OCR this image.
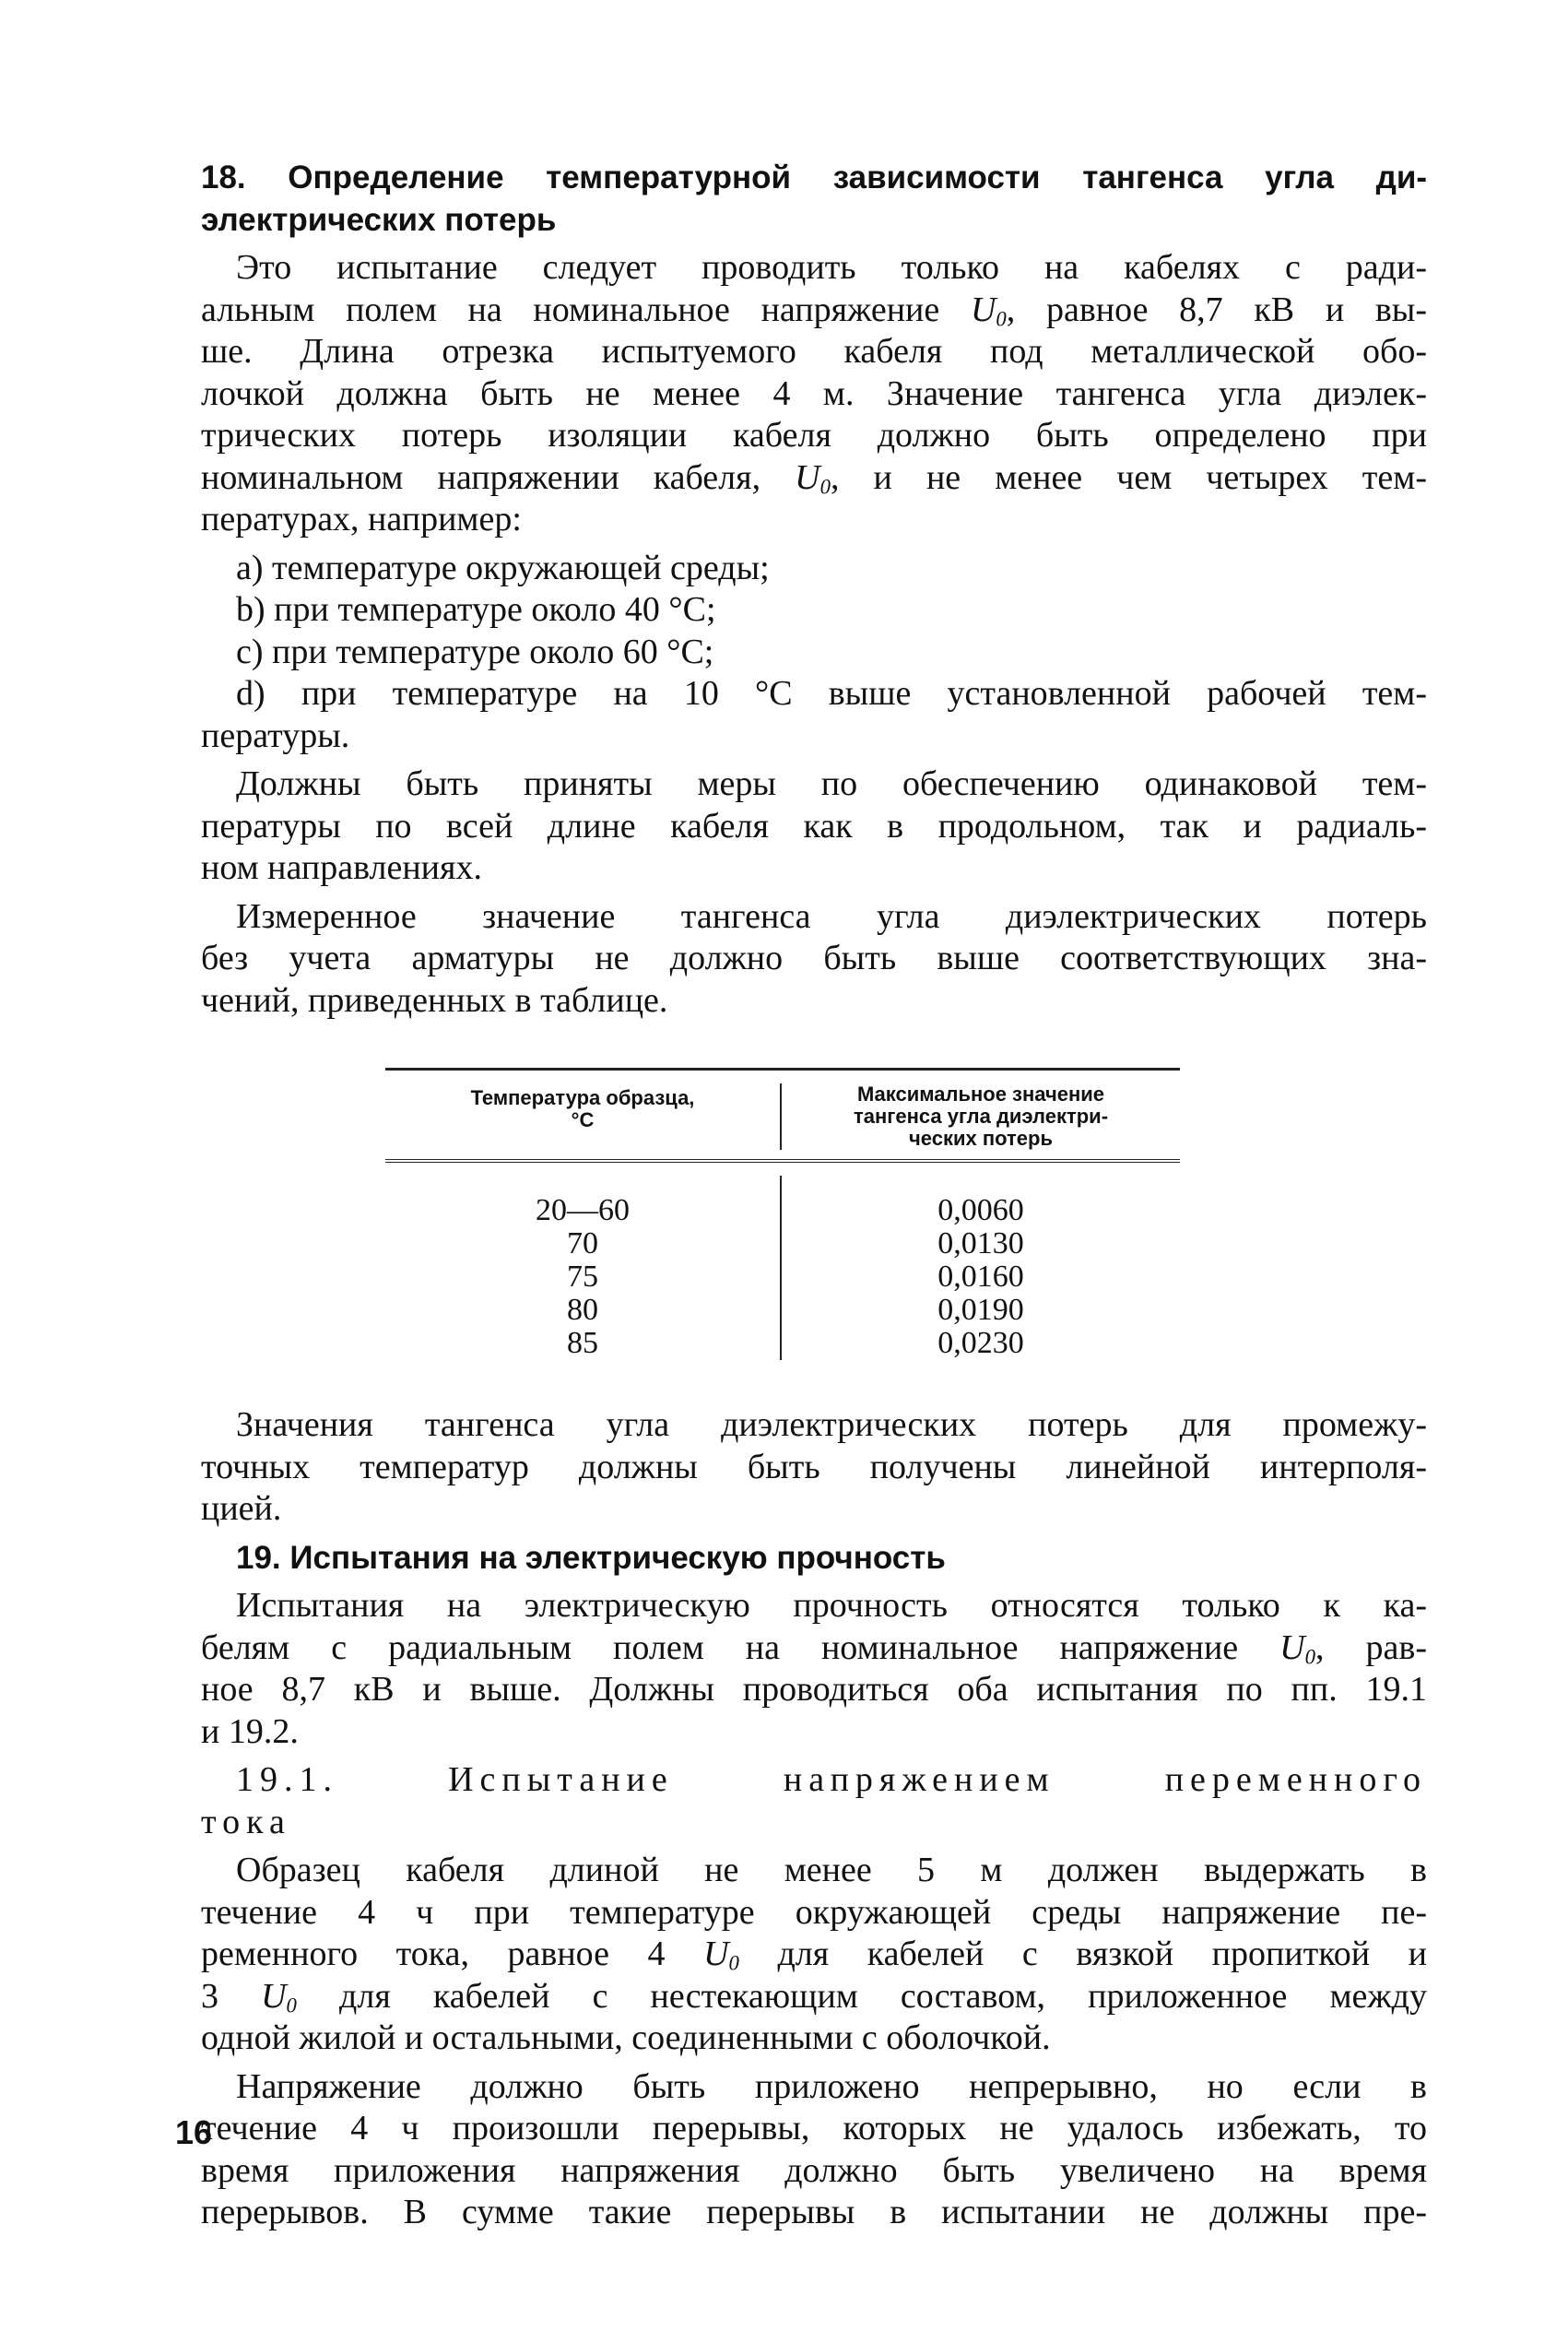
18. Определение температурной зависимости тангенса угла ди-
электрических потерь
Это испытание следует проводить только на кабелях с ради-
альным полем на номинальное напряжение $U_0$, равное 8,7 кВ и вы-
ше. Длина отрезка испытуемого кабеля под металлической обо-
лочкой должна быть не менее 4 м. Значение тангенса угла диэлек-
трических потерь изоляции кабеля должно быть определено при
номинальном напряжении кабеля, $U_0$, и не менее чем четырех тем-
пературах, например:
a) температуре окружающей среды;
b) при температуре около 40 °С;
с) при температуре около 60 °С;
d) при температуре на 10 °С выше установленной рабочей тем-
пературы.
Должны быть приняты меры по обеспечению одинаковой тем-
пературы по всей длине кабеля как в продольном, так и радиаль-
ном направлениях.
Измеренное значение тангенса угла диэлектрических потерь
без учета арматуры не должно быть выше соответствующих зна-
чений, приведенных в таблице.
Температура образца,
°С
Максимальное значение
тангенса угла диэлектри-
ческих потерь
20—60
70
75
80
85
0,0060
0,0130
0,0160
0,0190
0,0230
Значения тангенса угла диэлектрических потерь для промежу-
точных температур должны быть получены линейной интерполя-
цией.
19. Испытания на электрическую прочность
Испытания на электрическую прочность относятся только к ка-
белям с радиальным полем на номинальное напряжение $U_0$, рав-
ное 8,7 кВ и выше. Должны проводиться оба испытания по пп. 19.1
и 19.2.
19.1. Испытание напряжением переменного
тока
Образец кабеля длиной не менее 5 м должен выдержать в
течение 4 ч при температуре окружающей среды напряжение пе-
ременного тока, равное 4 $U_0$ для кабелей с вязкой пропиткой и
3 $U_0$ для кабелей с нестекающим составом, приложенное между
одной жилой и остальными, соединенными с оболочкой.
Напряжение должно быть приложено непрерывно, но если в
течение 4 ч произошли перерывы, которых не удалось избежать, то
время приложения напряжения должно быть увеличено на время
перерывов. В сумме такие перерывы в испытании не должны пре-
16
